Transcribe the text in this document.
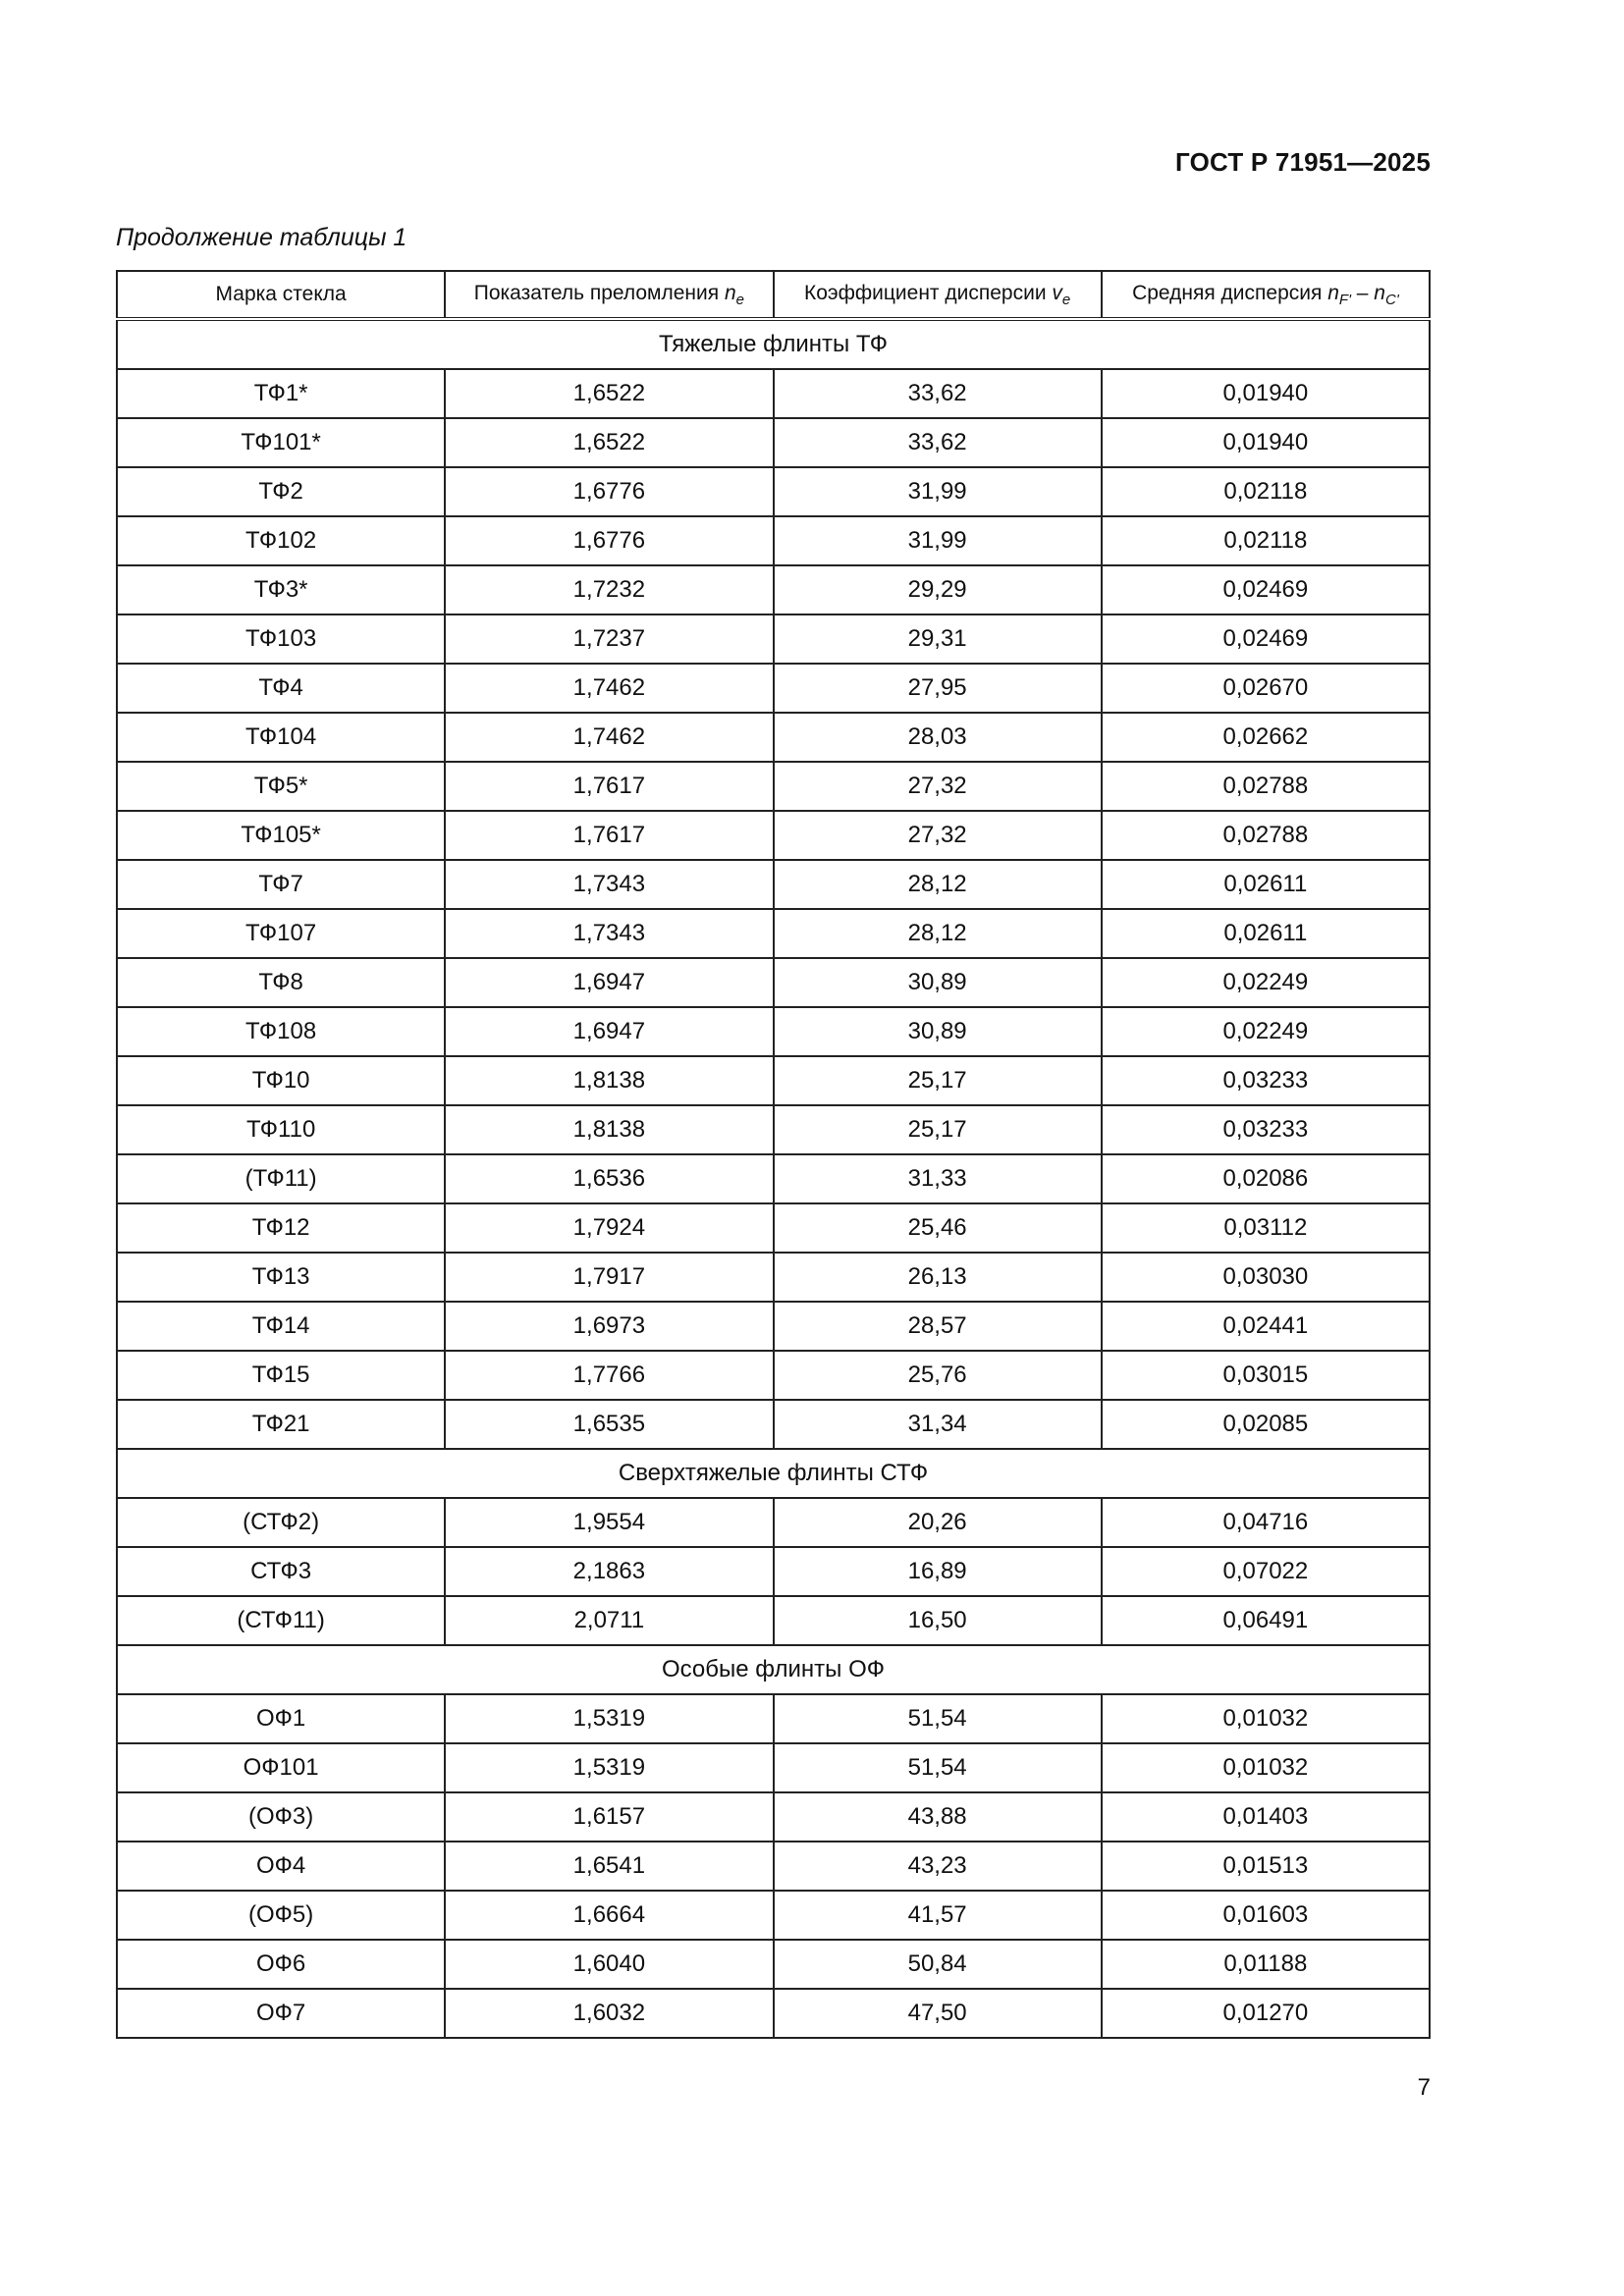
ГОСТ Р 71951—2025
Продолжение таблицы 1
Марка стекла	Показатель преломления $n_e$	Коэффициент дисперсии $v_e$	Средняя дисперсия $n_{F'} - n_{C'}$
Тяжелые флинты ТФ			
ТФ1*	1,6522	33,62	0,01940
ТФ101*	1,6522	33,62	0,01940
ТФ2	1,6776	31,99	0,02118
ТФ102	1,6776	31,99	0,02118
ТФ3*	1,7232	29,29	0,02469
ТФ103	1,7237	29,31	0,02469
ТФ4	1,7462	27,95	0,02670
ТФ104	1,7462	28,03	0,02662
ТФ5*	1,7617	27,32	0,02788
ТФ105*	1,7617	27,32	0,02788
ТФ7	1,7343	28,12	0,02611
ТФ107	1,7343	28,12	0,02611
ТФ8	1,6947	30,89	0,02249
ТФ108	1,6947	30,89	0,02249
ТФ10	1,8138	25,17	0,03233
ТФ110	1,8138	25,17	0,03233
(ТФ11)	1,6536	31,33	0,02086
ТФ12	1,7924	25,46	0,03112
ТФ13	1,7917	26,13	0,03030
ТФ14	1,6973	28,57	0,02441
ТФ15	1,7766	25,76	0,03015
ТФ21	1,6535	31,34	0,02085
Сверхтяжелые флинты СТФ			
(СТФ2)	1,9554	20,26	0,04716
СТФ3	2,1863	16,89	0,07022
(СТФ11)	2,0711	16,50	0,06491
Особые флинты ОФ			
ОФ1	1,5319	51,54	0,01032
ОФ101	1,5319	51,54	0,01032
(ОФ3)	1,6157	43,88	0,01403
ОФ4	1,6541	43,23	0,01513
(ОФ5)	1,6664	41,57	0,01603
ОФ6	1,6040	50,84	0,01188
ОФ7	1,6032	47,50	0,01270
7
